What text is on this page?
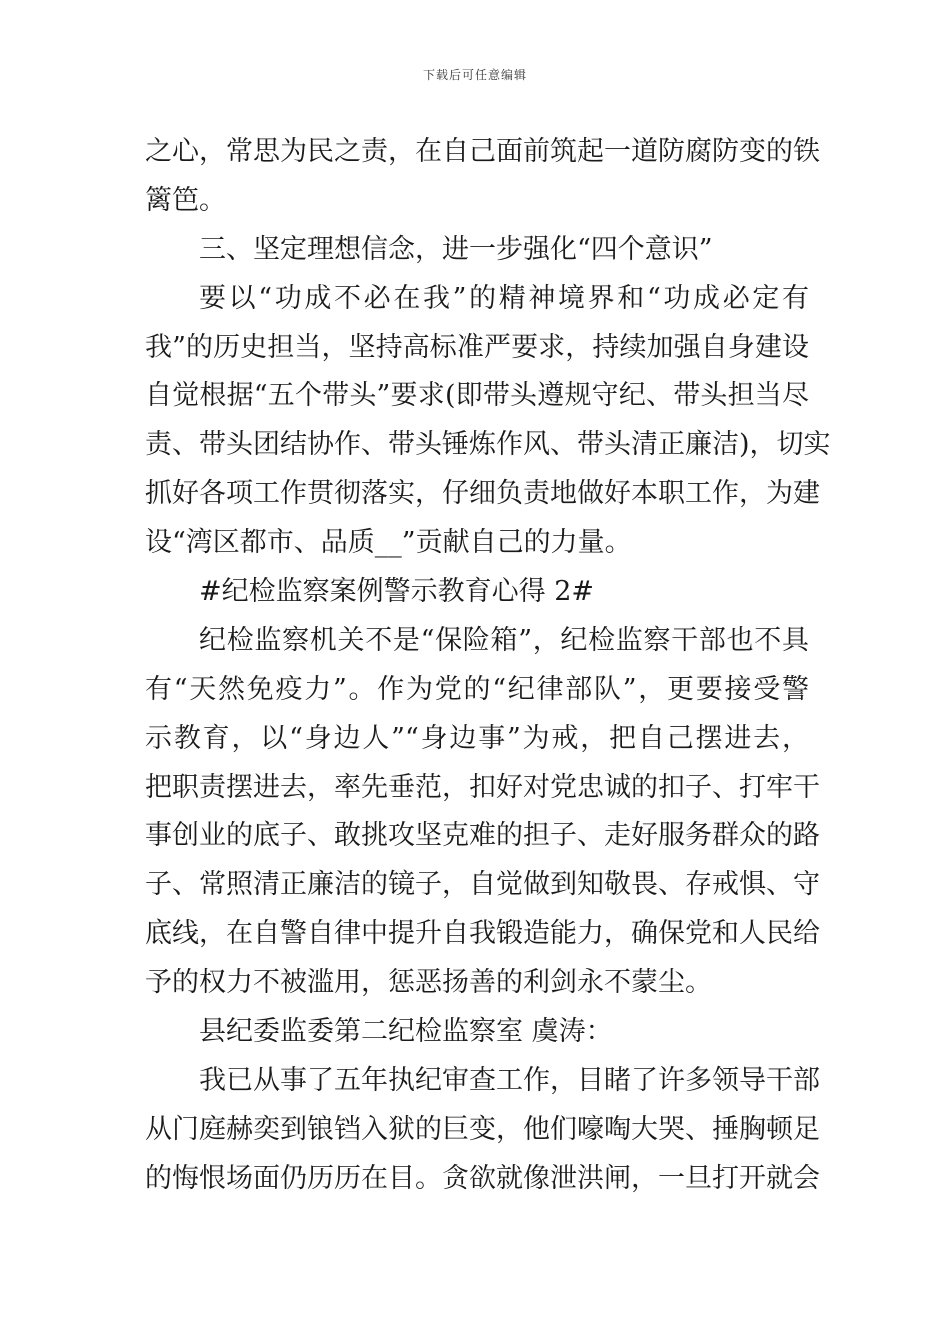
下载后可任意编辑
之心，常思为民之责，在自己面前筑起一道防腐防变的铁
篱笆。
三、坚定理想信念，进一步强化“四个意识”
要以“功成不必在我”的精神境界和“功成必定有
我”的历史担当，坚持高标准严要求，持续加强自身建设
自觉根据“五个带头”要求(即带头遵规守纪、带头担当尽
责、带头团结协作、带头锤炼作风、带头清正廉洁)，切实
抓好各项工作贯彻落实，仔细负责地做好本职工作，为建
设“湾区都市、品质__”贡献自己的力量。
#纪检监察案例警示教育心得 2#
纪检监察机关不是“保险箱”，纪检监察干部也不具
有“天然免疫力”。作为党的“纪律部队”，更要接受警
示教育，以“身边人”“身边事”为戒，把自己摆进去，
把职责摆进去，率先垂范，扣好对党忠诚的扣子、打牢干
事创业的底子、敢挑攻坚克难的担子、走好服务群众的路
子、常照清正廉洁的镜子，自觉做到知敬畏、存戒惧、守
底线，在自警自律中提升自我锻造能力，确保党和人民给
予的权力不被滥用，惩恶扬善的利剑永不蒙尘。
县纪委监委第二纪检监察室 虞涛：
我已从事了五年执纪审查工作，目睹了许多领导干部
从门庭赫奕到锒铛入狱的巨变，他们嚎啕大哭、捶胸顿足
的悔恨场面仍历历在目。贪欲就像泄洪闸，一旦打开就会
